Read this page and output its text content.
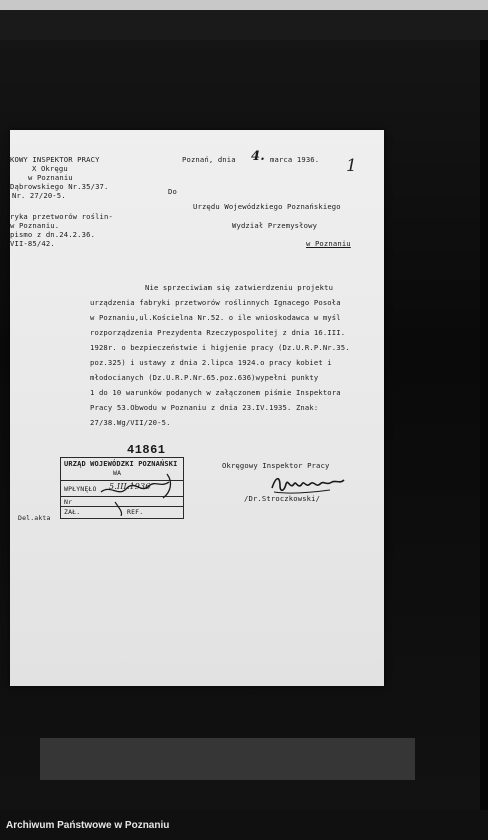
KOWY INSPEKTOR PRACY
X Okręgu
w Poznaniu
Dąbrowskiego Nr.35/37.
Nr. 27/20-5.
ryka przetworów roślin-
w Poznaniu.
pismo z dn.24.2.36.
VII-85/42.
Poznań, dnia 4. marca 1936. 1
Do
Urzędu Wojewódzkiego Poznańskiego
Wydział Przemysłowy
w Poznaniu
Nie sprzeciwiam się zatwierdzeniu projektu
urządzenia fabryki przetworów roślinnych Ignacego Posoła
w Poznaniu,ul.Kościelna Nr.52. o ile wnioskodawca w myśl
rozporządzenia Prezydenta Rzeczypospolitej z dnia 16.III.
1928r. o bezpieczeństwie i higjenie pracy (Dz.U.R.P.Nr.35.
poz.325) i ustawy z dnia 2.lipca 1924.o pracy kobiet i
młodocianych (Dz.U.R.P.Nr.65.poz.636)wypełni punkty
1 do 10 warunków podanych w załączonem piśmie Inspektora
Pracy 53.Obwodu w Poznaniu z dnia 23.IV.1935. Znak:
27/38.Wg/VII/20-5.
Okręgowy Inspektor Pracy
/Dr.Stroczkowski/
41861
URZĄD WOJEWÓDZKI POZNAŃSKI
WA
WPŁYNĘŁO 5.III.1936
Nr
ZAŁ.	REF.
Del.akta
Archiwum Państwowe w Poznaniu
